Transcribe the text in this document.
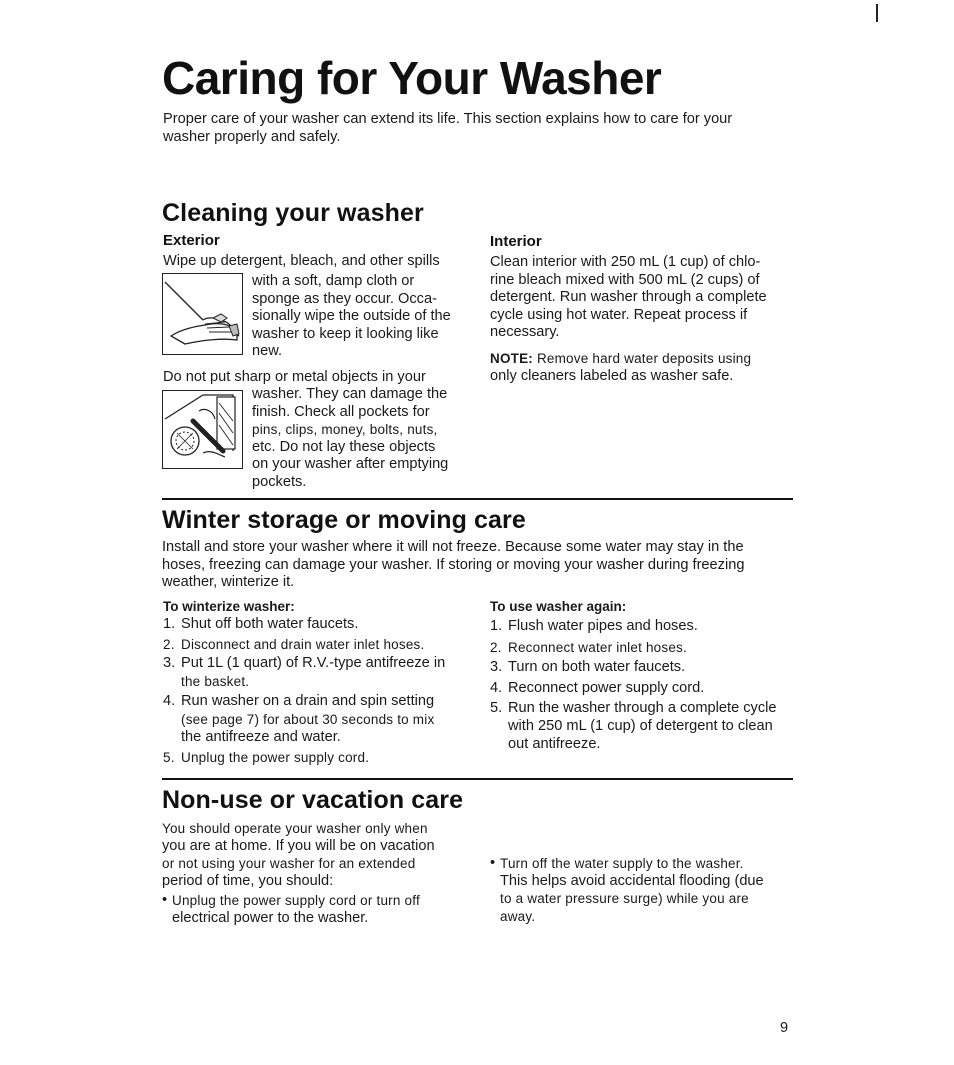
Caring for Your Washer

Proper care of your washer can extend its life. This section explains how to care for your washer properly and safely.

Cleaning your washer
Exterior
Wipe up detergent, bleach, and other spills
with a soft, damp cloth or
sponge as they occur. Occa-
sionally wipe the outside of the
washer to keep it looking like
new.
Do not put sharp or metal objects in your
washer. They can damage the
finish. Check all pockets for
pins, clips, money, bolts, nuts,
etc. Do not lay these objects
on your washer after emptying
pockets.
Interior
Clean interior with 250 mL (1 cup) of chlo-
rine bleach mixed with 500 mL (2 cups) of
detergent. Run washer through a complete
cycle using hot water. Repeat process if
necessary.
NOTE: Remove hard water deposits using
only cleaners labeled as washer safe.
Winter storage or moving care
Install and store your washer where it will not freeze. Because some water may stay in the
hoses, freezing can damage your washer. If storing or moving your washer during freezing
weather, winterize it.
To winterize washer:
1. Shut off both water faucets.
2. Disconnect and drain water inlet hoses.
3. Put 1L (1 quart) of R.V.-type antifreeze in
the basket.
4. Run washer on a drain and spin setting
(see page 7) for about 30 seconds to mix
the antifreeze and water.
5. Unplug the power supply cord.
To use washer again:
1. Flush water pipes and hoses.
2. Reconnect water inlet hoses.
3. Turn on both water faucets.
4. Reconnect power supply cord.
5. Run the washer through a complete cycle
with 250 mL (1 cup) of detergent to clean
out antifreeze.
Non-use or vacation care
You should operate your washer only when
you are at home. If you will be on vacation
or not using your washer for an extended
period of time, you should:
• Unplug the power supply cord or turn off
electrical power to the washer.
• Turn off the water supply to the washer.
This helps avoid accidental flooding (due
to a water pressure surge) while you are
away.
9
